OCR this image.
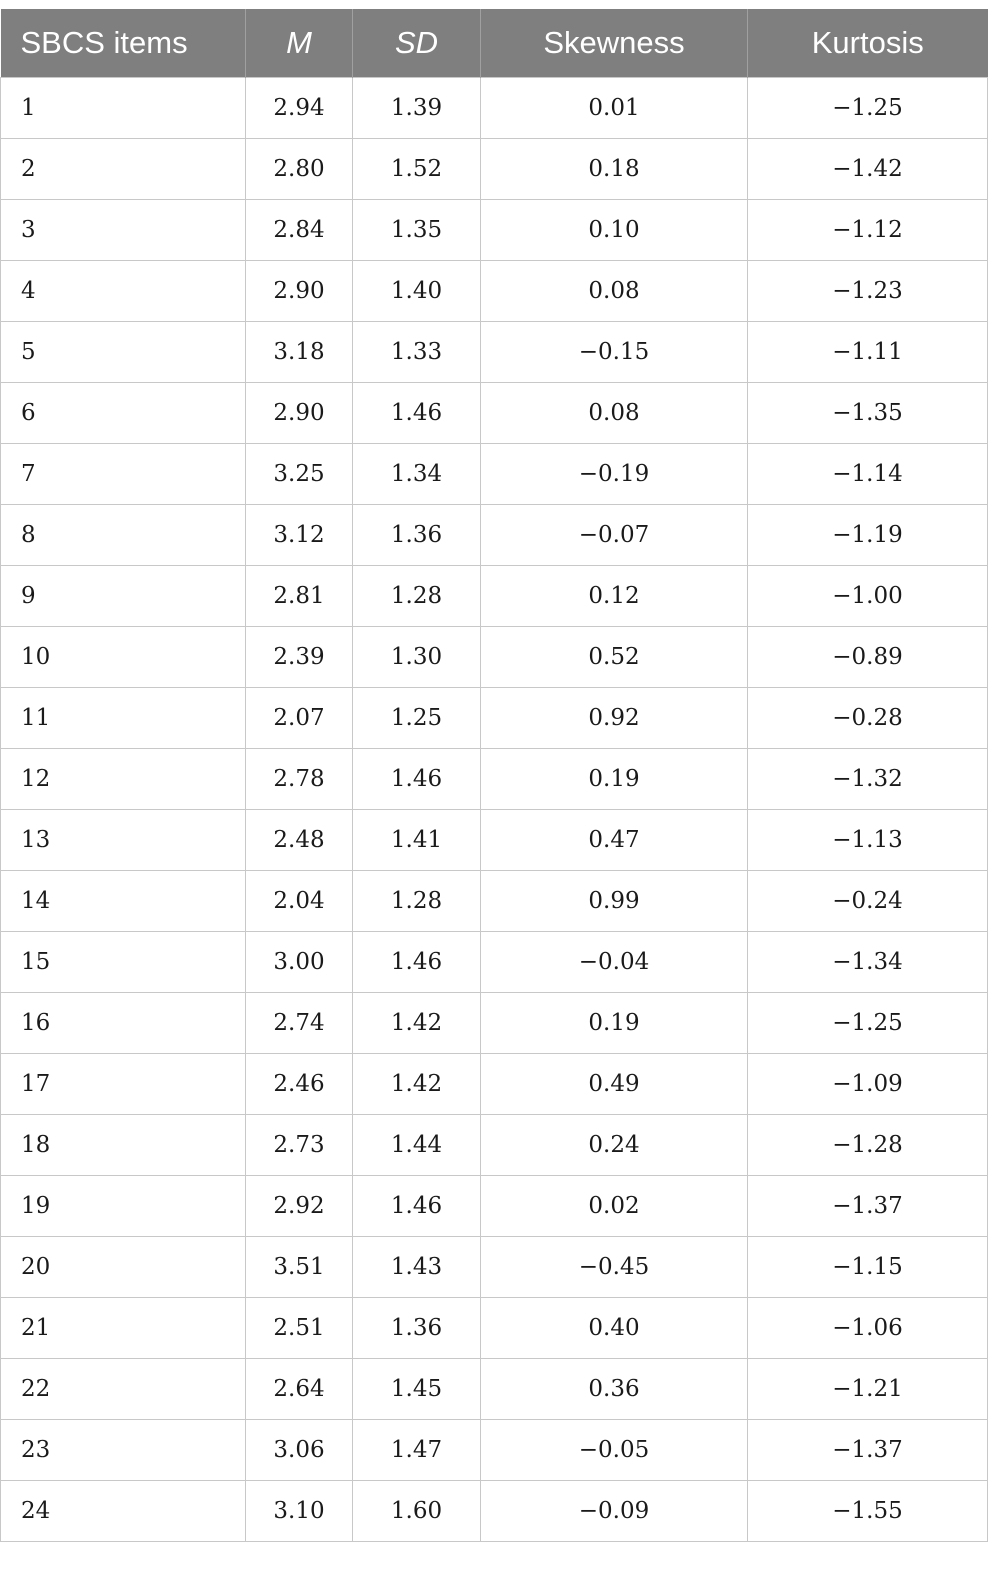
SBCS items	M	SD	Skewness	Kurtosis
1	2.94	1.39	0.01	−1.25
2	2.80	1.52	0.18	−1.42
3	2.84	1.35	0.10	−1.12
4	2.90	1.40	0.08	−1.23
5	3.18	1.33	−0.15	−1.11
6	2.90	1.46	0.08	−1.35
7	3.25	1.34	−0.19	−1.14
8	3.12	1.36	−0.07	−1.19
9	2.81	1.28	0.12	−1.00
10	2.39	1.30	0.52	−0.89
11	2.07	1.25	0.92	−0.28
12	2.78	1.46	0.19	−1.32
13	2.48	1.41	0.47	−1.13
14	2.04	1.28	0.99	−0.24
15	3.00	1.46	−0.04	−1.34
16	2.74	1.42	0.19	−1.25
17	2.46	1.42	0.49	−1.09
18	2.73	1.44	0.24	−1.28
19	2.92	1.46	0.02	−1.37
20	3.51	1.43	−0.45	−1.15
21	2.51	1.36	0.40	−1.06
22	2.64	1.45	0.36	−1.21
23	3.06	1.47	−0.05	−1.37
24	3.10	1.60	−0.09	−1.55
